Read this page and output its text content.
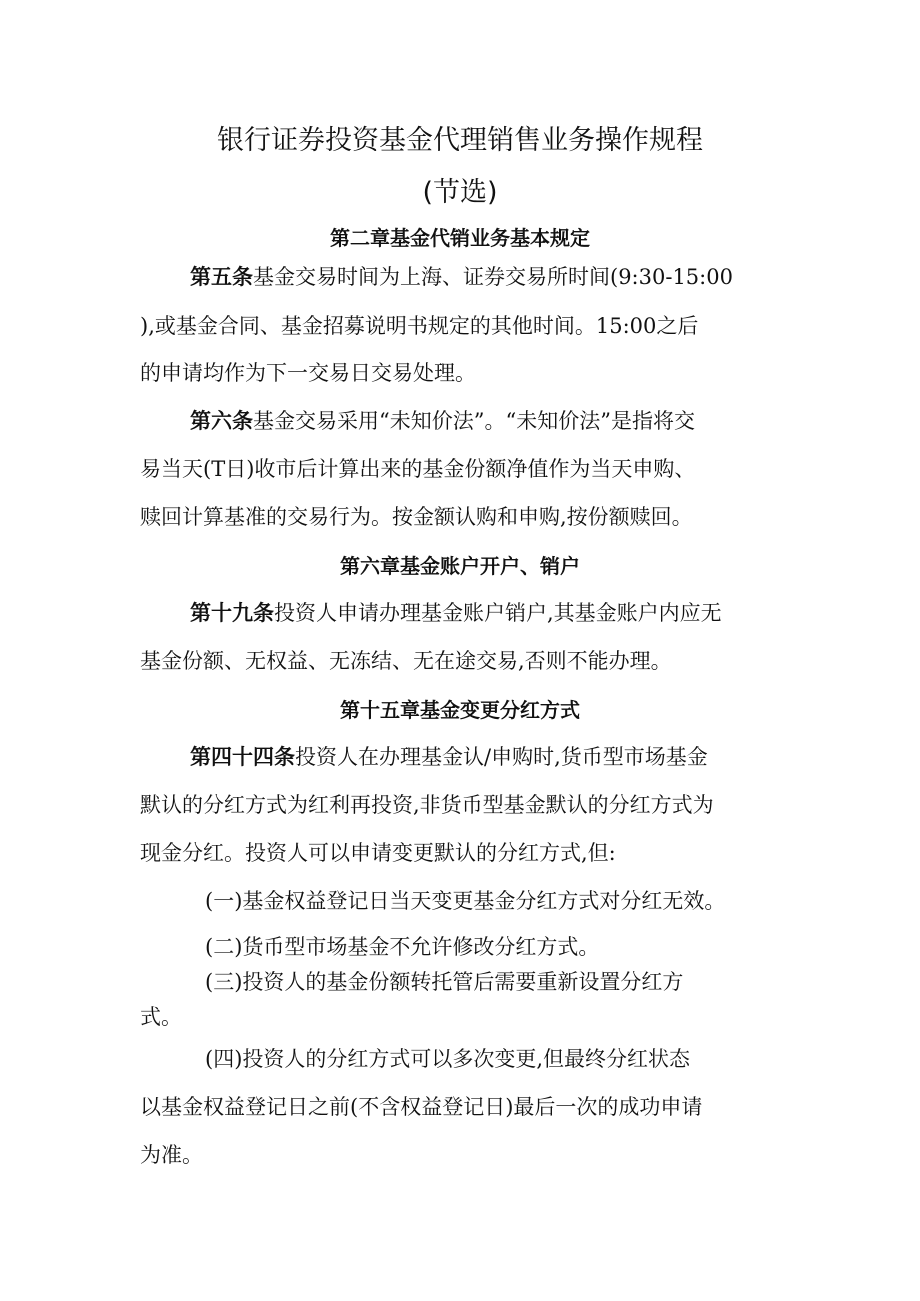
银行证券投资基金代理销售业务操作规程
(节选)
第二章基金代销业务基本规定
第五条基金交易时间为上海、证券交易所时间(9:30-15:00
),或基金合同、基金招募说明书规定的其他时间。15:00之后
的申请均作为下一交易日交易处理。
第六条基金交易采用“未知价法”。“未知价法”是指将交
易当天(T日)收市后计算出来的基金份额净值作为当天申购、
赎回计算基准的交易行为。按金额认购和申购,按份额赎回。
第六章基金账户开户、销户
第十九条投资人申请办理基金账户销户,其基金账户内应无
基金份额、无权益、无冻结、无在途交易,否则不能办理。
第十五章基金变更分红方式
第四十四条投资人在办理基金认/申购时,货币型市场基金
默认的分红方式为红利再投资,非货币型基金默认的分红方式为
现金分红。投资人可以申请变更默认的分红方式,但:
(一)基金权益登记日当天变更基金分红方式对分红无效。
(二)货币型市场基金不允许修改分红方式。
(三)投资人的基金份额转托管后需要重新设置分红方
式。
(四)投资人的分红方式可以多次变更,但最终分红状态
以基金权益登记日之前(不含权益登记日)最后一次的成功申请
为准。
